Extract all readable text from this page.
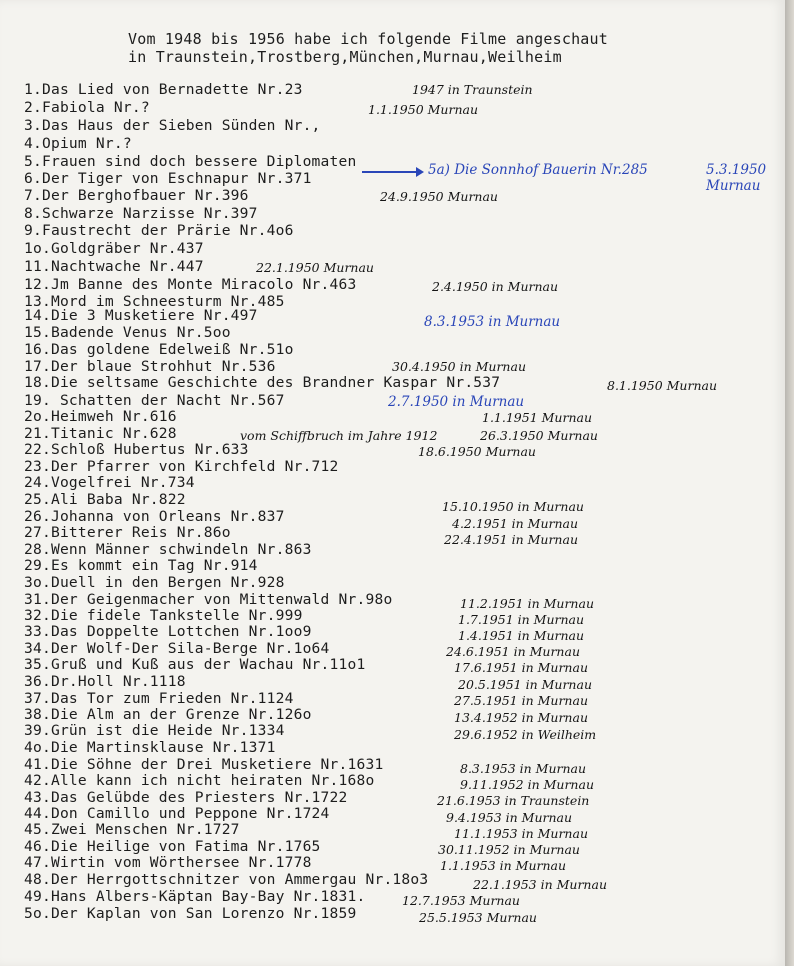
Vom 1948 bis 1956 habe ich folgende Filme angeschaut
in Traunstein,Trostberg,München,Murnau,Weilheim
1.Das Lied von Bernadette Nr.23
2.Fabiola Nr.?
3.Das Haus der Sieben Sünden Nr.,
4.Opium Nr.?
5.Frauen sind doch bessere Diplomaten
6.Der Tiger von Eschnapur Nr.371
7.Der Berghofbauer Nr.396
8.Schwarze Narzisse Nr.397
9.Faustrecht der Prärie Nr.4o6
1o.Goldgräber Nr.437
11.Nachtwache Nr.447
12.Jm Banne des Monte Miracolo Nr.463
13.Mord im Schneesturm Nr.485
14.Die 3 Musketiere Nr.497
15.Badende Venus Nr.5oo
16.Das goldene Edelweiß Nr.51o
17.Der blaue Strohhut Nr.536
18.Die seltsame Geschichte des Brandner Kaspar Nr.537
19. Schatten der Nacht Nr.567
2o.Heimweh Nr.616
21.Titanic Nr.628
22.Schloß Hubertus Nr.633
23.Der Pfarrer von Kirchfeld Nr.712
24.Vogelfrei Nr.734
25.Ali Baba Nr.822
26.Johanna von Orleans Nr.837
27.Bitterer Reis Nr.86o
28.Wenn Männer schwindeln Nr.863
29.Es kommt ein Tag Nr.914
3o.Duell in den Bergen Nr.928
31.Der Geigenmacher von Mittenwald Nr.98o
32.Die fidele Tankstelle Nr.999
33.Das Doppelte Lottchen Nr.1oo9
34.Der Wolf-Der Sila-Berge Nr.1o64
35.Gruß und Kuß aus der Wachau Nr.11o1
36.Dr.Holl Nr.1118
37.Das Tor zum Frieden Nr.1124
38.Die Alm an der Grenze Nr.126o
39.Grün ist die Heide Nr.1334
4o.Die Martinsklause Nr.1371
41.Die Söhne der Drei Musketiere Nr.1631
42.Alle kann ich nicht heiraten Nr.168o
43.Das Gelübde des Priesters Nr.1722
44.Don Camillo und Peppone Nr.1724
45.Zwei Menschen Nr.1727
46.Die Heilige von Fatima Nr.1765
47.Wirtin vom Wörthersee Nr.1778
48.Der Herrgottschnitzer von Ammergau Nr.18o3
49.Hans Albers-Käptan Bay-Bay Nr.1831.
5o.Der Kaplan von San Lorenzo Nr.1859
1947 in Traunstein
1.1.1950 Murnau
24.9.1950 Murnau
22.1.1950 Murnau
2.4.1950 in Murnau
30.4.1950 in Murnau
8.1.1950 Murnau
1.1.1951 Murnau
vom Schiffbruch im Jahre 1912	26.3.1950 Murnau
18.6.1950 Murnau
15.10.1950 in Murnau
4.2.1951 in Murnau
22.4.1951 in Murnau
11.2.1951 in Murnau
1.7.1951 in Murnau
1.4.1951 in Murnau
24.6.1951 in Murnau
17.6.1951 in Murnau
20.5.1951 in Murnau
27.5.1951 in Murnau
13.4.1952 in Murnau
29.6.1952 in Weilheim
8.3.1953 in Murnau
9.11.1952 in Murnau
21.6.1953 in Traunstein
9.4.1953 in Murnau
11.1.1953 in Murnau
30.11.1952 in Murnau
1.1.1953 in Murnau
22.1.1953 in Murnau
12.7.1953 Murnau
25.5.1953 Murnau
5a) Die Sonnhof Bauerin Nr.285	5.3.1950
Murnau
8.3.1953 in Murnau
2.7.1950 in Murnau
